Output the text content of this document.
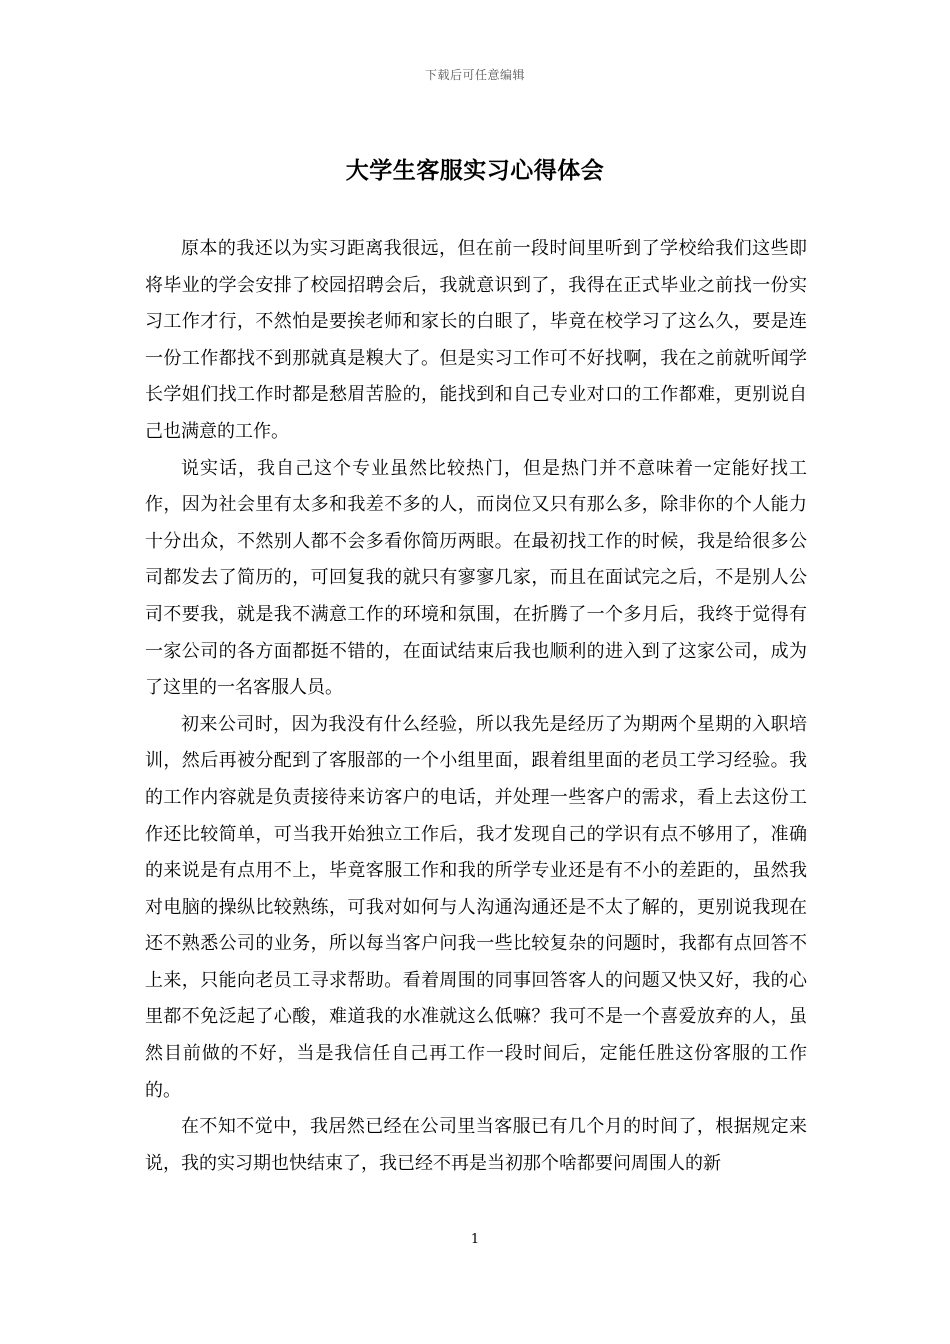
下载后可任意编辑
大学生客服实习心得体会

原本的我还以为实习距离我很远，但在前一段时间里听到了学校给我们这些即将毕业的学会安排了校园招聘会后，我就意识到了，我得在正式毕业之前找一份实习工作才行，不然怕是要挨老师和家长的白眼了，毕竟在校学习了这么久，要是连一份工作都找不到那就真是糗大了。但是实习工作可不好找啊，我在之前就听闻学长学姐们找工作时都是愁眉苦脸的，能找到和自己专业对口的工作都难，更别说自己也满意的工作。

说实话，我自己这个专业虽然比较热门，但是热门并不意味着一定能好找工作，因为社会里有太多和我差不多的人，而岗位又只有那么多，除非你的个人能力十分出众，不然别人都不会多看你简历两眼。在最初找工作的时候，我是给很多公司都发去了简历的，可回复我的就只有寥寥几家，而且在面试完之后，不是别人公司不要我，就是我不满意工作的环境和氛围，在折腾了一个多月后，我终于觉得有一家公司的各方面都挺不错的，在面试结束后我也顺利的进入到了这家公司，成为了这里的一名客服人员。

初来公司时，因为我没有什么经验，所以我先是经历了为期两个星期的入职培训，然后再被分配到了客服部的一个小组里面，跟着组里面的老员工学习经验。我的工作内容就是负责接待来访客户的电话，并处理一些客户的需求，看上去这份工作还比较简单，可当我开始独立工作后，我才发现自己的学识有点不够用了，准确的来说是有点用不上，毕竟客服工作和我的所学专业还是有不小的差距的，虽然我对电脑的操纵比较熟练，可我对如何与人沟通沟通还是不太了解的，更别说我现在还不熟悉公司的业务，所以每当客户问我一些比较复杂的问题时，我都有点回答不上来，只能向老员工寻求帮助。看着周围的同事回答客人的问题又快又好，我的心里都不免泛起了心酸，难道我的水准就这么低嘛？我可不是一个喜爱放弃的人，虽然目前做的不好，当是我信任自己再工作一段时间后，定能任胜这份客服的工作的。

在不知不觉中，我居然已经在公司里当客服已有几个月的时间了，根据规定来说，我的实习期也快结束了，我已经不再是当初那个啥都要问周围人的新

1
